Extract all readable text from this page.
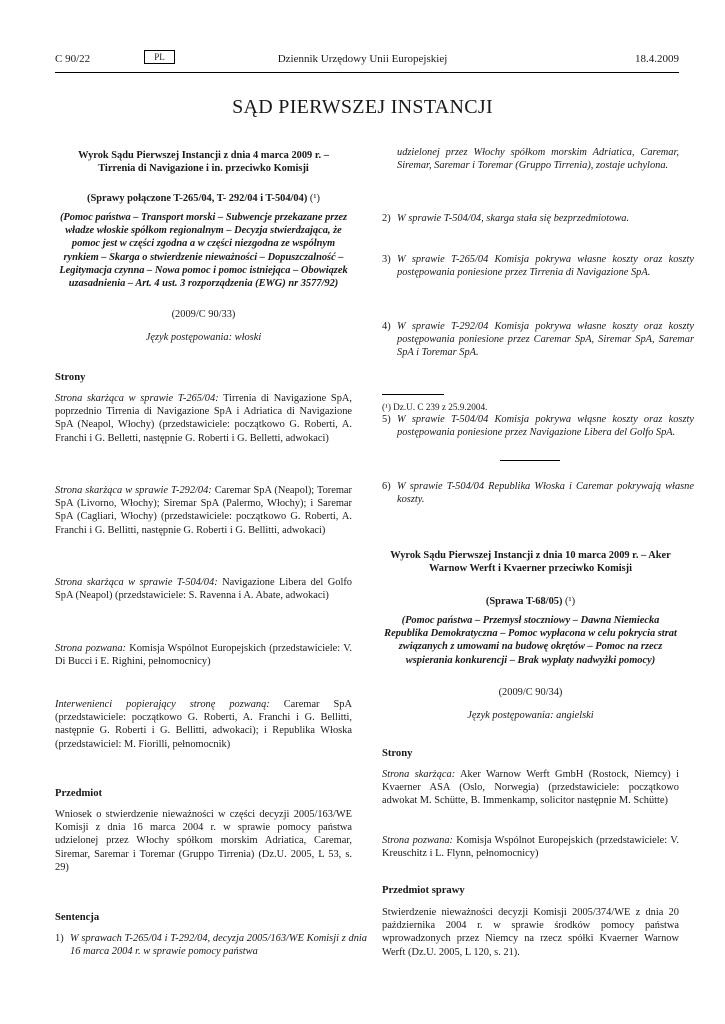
C 90/22	PL	Dziennik Urzędowy Unii Europejskiej	18.4.2009
SĄD PIERWSZEJ INSTANCJI
Wyrok Sądu Pierwszej Instancji z dnia 4 marca 2009 r. – Tirrenia di Navigazione i in. przeciwko Komisji
(Sprawy połączone T-265/04, T- 292/04 i T-504/04) (¹)
(Pomoc państwa – Transport morski – Subwencje przekazane przez władze włoskie spółkom regionalnym – Decyzja stwierdzająca, że pomoc jest w części zgodna a w części niezgodna ze wspólnym rynkiem – Skarga o stwierdzenie nieważności – Dopuszczalność – Legitymacja czynna – Nowa pomoc i pomoc istniejąca – Obowiązek uzasadnienia – Art. 4 ust. 3 rozporządzenia (EWG) nr 3577/92)
(2009/C 90/33)
Język postępowania: włoski
Strony
Strona skarżąca w sprawie T-265/04: Tirrenia di Navigazione SpA, poprzednio Tirrenia di Navigazione SpA i Adriatica di Navigazione SpA (Neapol, Włochy) (przedstawiciele: początkowo G. Roberti, A. Franchi i G. Belletti, następnie G. Roberti i G. Belletti, adwokaci)
Strona skarżąca w sprawie T-292/04: Caremar SpA (Neapol); Toremar SpA (Livorno, Włochy); Siremar SpA (Palermo, Włochy); i Saremar SpA (Cagliari, Włochy) (przedstawiciele: początkowo G. Roberti, A. Franchi i G. Bellitti, następnie G. Roberti i G. Bellitti, adwokaci)
Strona skarżąca w sprawie T-504/04: Navigazione Libera del Golfo SpA (Neapol) (przedstawiciele: S. Ravenna i A. Abate, adwokaci)
Strona pozwana: Komisja Wspólnot Europejskich (przedstawiciele: V. Di Bucci i E. Righini, pełnomocnicy)
Interwenienci popierający stronę pozwaną: Caremar SpA (przedstawiciele: początkowo G. Roberti, A. Franchi i G. Bellitti, następnie G. Roberti i G. Bellitti, adwokaci); i Republika Włoska (przedstawiciel: M. Fiorilli, pełnomocnik)
Przedmiot
Wniosek o stwierdzenie nieważności w części decyzji 2005/163/WE Komisji z dnia 16 marca 2004 r. w sprawie pomocy państwa udzielonej przez Włochy spółkom morskim Adriatica, Caremar, Siremar, Saremar i Toremar (Gruppo Tirrenia) (Dz.U. 2005, L 53, s. 29)
Sentencja
1) W sprawach T-265/04 i T-292/04, decyzja 2005/163/WE Komisji z dnia 16 marca 2004 r. w sprawie pomocy państwa
udzielonej przez Włochy spółkom morskim Adriatica, Caremar, Siremar, Saremar i Toremar (Gruppo Tirrenia), zostaje uchylona.
2) W sprawie T-504/04, skarga stała się bezprzedmiotowa.
3) W sprawie T-265/04 Komisja pokrywa własne koszty oraz koszty postępowania poniesione przez Tirrenia di Navigazione SpA.
4) W sprawie T-292/04 Komisja pokrywa własne koszty oraz koszty postępowania poniesione przez Caremar SpA, Siremar SpA, Saremar SpA i Toremar SpA.
5) W sprawie T-504/04 Komisja pokrywa włąsne koszty oraz koszty postępowania poniesione przez Navigazione Libera del Golfo SpA.
6) W sprawie T-504/04 Republika Włoska i Caremar pokrywają własne koszty.
(¹) Dz.U. C 239 z 25.9.2004.
Wyrok Sądu Pierwszej Instancji z dnia 10 marca 2009 r. – Aker Warnow Werft i Kvaerner przeciwko Komisji
(Sprawa T-68/05) (¹)
(Pomoc państwa – Przemysł stoczniowy – Dawna Niemiecka Republika Demokratyczna – Pomoc wypłacona w celu pokrycia strat związanych z umowami na budowę okrętów – Pomoc na rzecz wspierania konkurencji – Brak wypłaty nadwyżki pomocy)
(2009/C 90/34)
Język postępowania: angielski
Strony
Strona skarżąca: Aker Warnow Werft GmbH (Rostock, Niemcy) i Kvaerner ASA (Oslo, Norwegia) (przedstawiciele: początkowo adwokat M. Schütte, B. Immenkamp, solicitor następnie M. Schütte)
Strona pozwana: Komisja Wspólnot Europejskich (przedstawiciele: V. Kreuschitz i L. Flynn, pełnomocnicy)
Przedmiot sprawy
Stwierdzenie nieważności decyzji Komisji 2005/374/WE z dnia 20 października 2004 r. w sprawie środków pomocy państwa wprowadzonych przez Niemcy na rzecz spółki Kvaerner Warnow Werft (Dz.U. 2005, L 120, s. 21).
